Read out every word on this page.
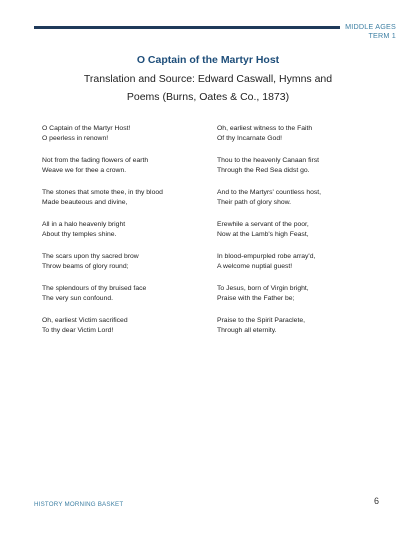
MIDDLE AGES
TERM 1
O Captain of the Martyr Host
Translation and Source: Edward Caswall, Hymns and
Poems (Burns, Oates & Co., 1873)
O Captain of the Martyr Host!
O peerless in renown!
Not from the fading flowers of earth
Weave we for thee a crown.
The stones that smote thee, in thy blood
Made beauteous and divine,
All in a halo heavenly bright
About thy temples shine.
The scars upon thy sacred brow
Throw beams of glory round;
The splendours of thy bruised face
The very sun confound.
Oh, earliest Victim sacrificed
To thy dear Victim Lord!
Oh, earliest witness to the Faith
Of thy Incarnate God!
Thou to the heavenly Canaan first
Through the Red Sea didst go.
And to the Martyrs' countless host,
Their path of glory show.
Erewhile a servant of the poor,
Now at the Lamb's high Feast,
In blood-empurpled robe array'd,
A welcome nuptial guest!
To Jesus, born of Virgin bright,
Praise with the Father be;
Praise to the Spirit Paraclete,
Through all eternity.
HISTORY MORNING BASKET	6
